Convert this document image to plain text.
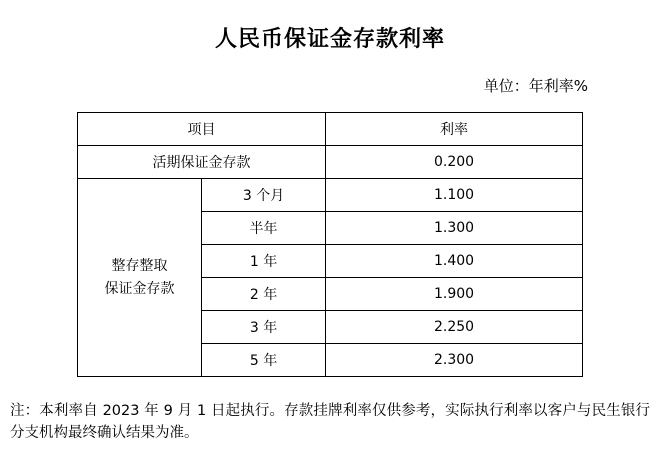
人民币保证金存款利率
单位：年利率%
项目		利率
活期保证金存款		0.200
整存整取
保证金存款	3 个月	1.100
	半年	1.300
	1 年	1.400
	2 年	1.900
	3 年	2.250
	5 年	2.300
注：本利率自 2023 年 9 月 1 日起执行。存款挂牌利率仅供参考，实际执行利率以客户与民生银行分支机构最终确认结果为准。
